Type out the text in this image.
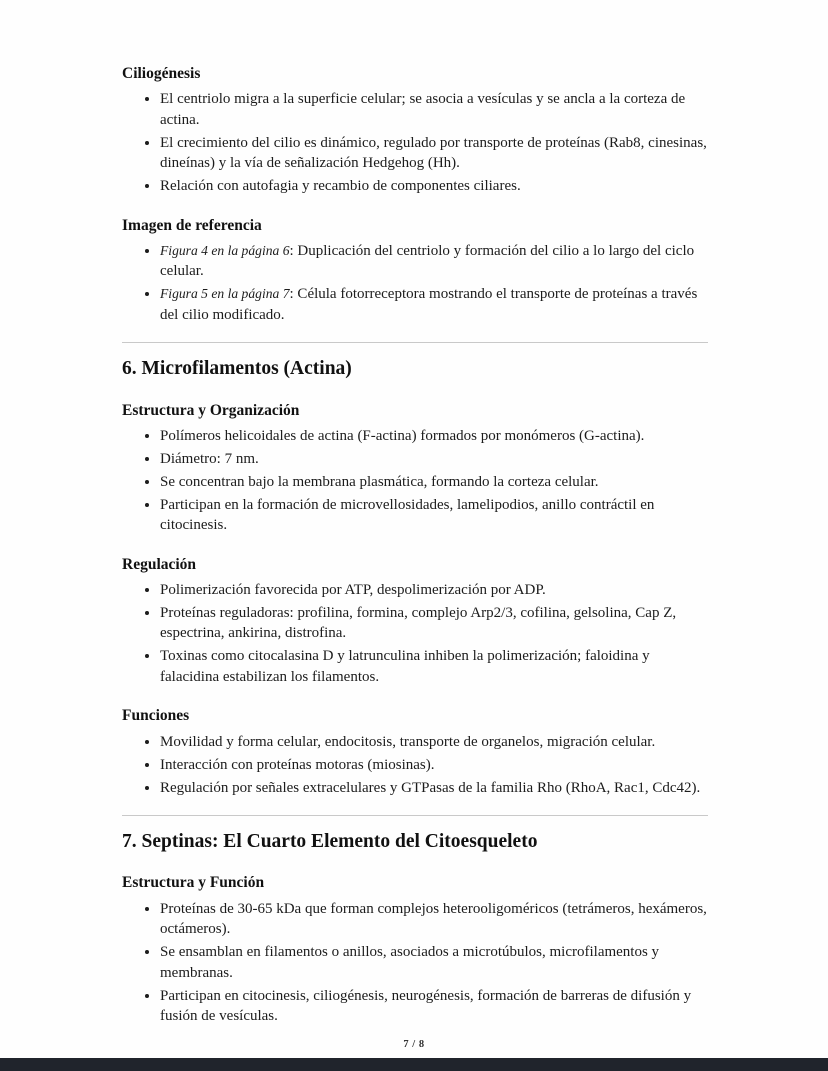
Ciliogénesis
• El centriolo migra a la superficie celular; se asocia a vesículas y se ancla a la corteza de actina.
• El crecimiento del cilio es dinámico, regulado por transporte de proteínas (Rab8, cinesinas, dineínas) y la vía de señalización Hedgehog (Hh).
• Relación con autofagia y recambio de componentes ciliares.
Imagen de referencia
• Figura 4 en la página 6: Duplicación del centriolo y formación del cilio a lo largo del ciclo celular.
• Figura 5 en la página 7: Célula fotorreceptora mostrando el transporte de proteínas a través del cilio modificado.
6. Microfilamentos (Actina)
Estructura y Organización
• Polímeros helicoidales de actina (F-actina) formados por monómeros (G-actina).
• Diámetro: 7 nm.
• Se concentran bajo la membrana plasmática, formando la corteza celular.
• Participan en la formación de microvellosidades, lamelipodios, anillo contráctil en citocinesis.
Regulación
• Polimerización favorecida por ATP, despolimerización por ADP.
• Proteínas reguladoras: profilina, formina, complejo Arp2/3, cofilina, gelsolina, Cap Z, espectrina, ankirina, distrofina.
• Toxinas como citocalasina D y latrunculina inhiben la polimerización; faloidina y falacidina estabilizan los filamentos.
Funciones
• Movilidad y forma celular, endocitosis, transporte de organelos, migración celular.
• Interacción con proteínas motoras (miosinas).
• Regulación por señales extracelulares y GTPasas de la familia Rho (RhoA, Rac1, Cdc42).
7. Septinas: El Cuarto Elemento del Citoesqueleto
Estructura y Función
• Proteínas de 30-65 kDa que forman complejos heterooligoméricos (tetrámeros, hexámeros, octámeros).
• Se ensamblan en filamentos o anillos, asociados a microtúbulos, microfilamentos y membranas.
• Participan en citocinesis, ciliogénesis, neurogénesis, formación de barreras de difusión y fusión de vesículas.
7 / 8
